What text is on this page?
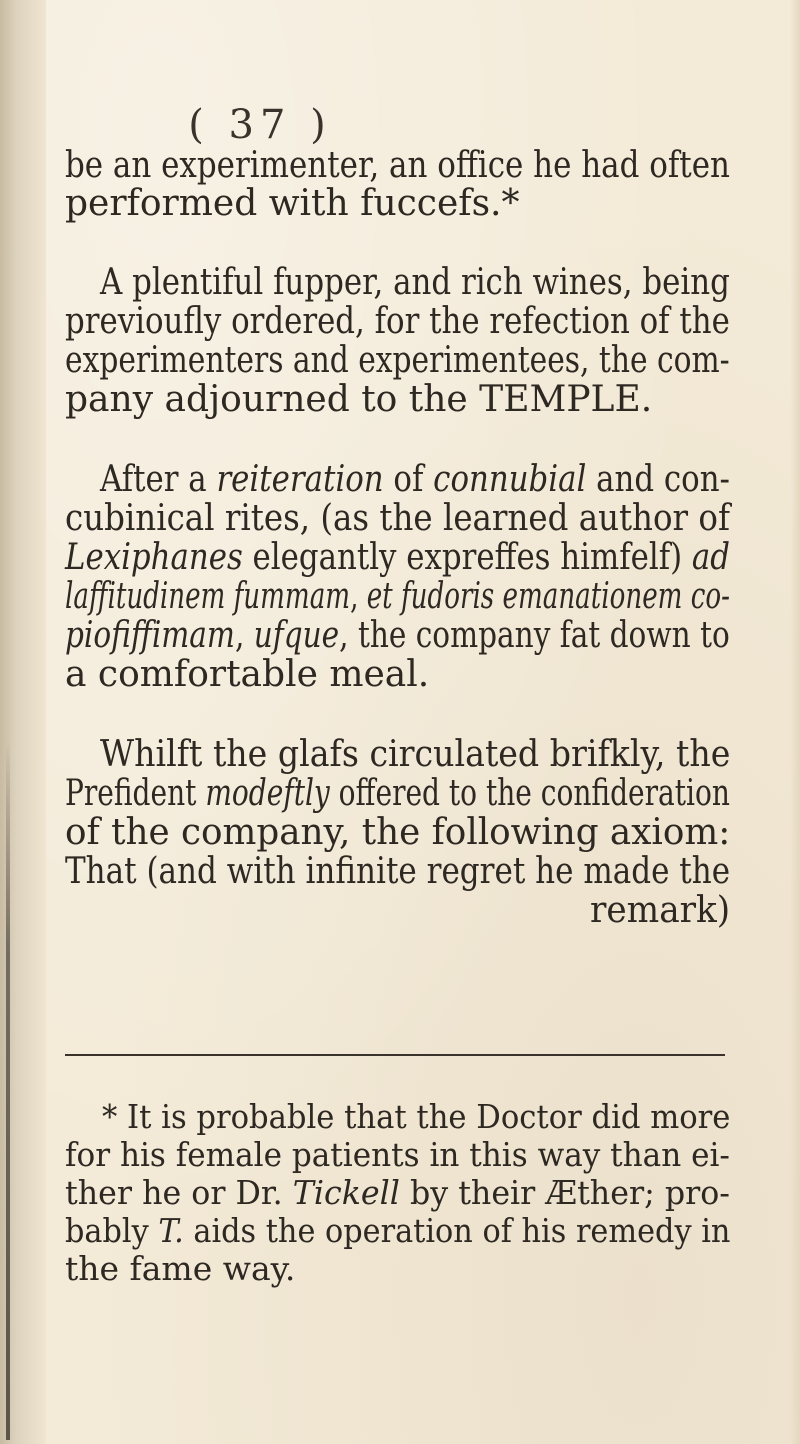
( 37 )
be an experimenter, an office he had often
performed with fuccefs.*
A plentiful fupper, and rich wines, being
previoufly ordered, for the refection of the
experimenters and experimentees, the com-
pany adjourned to the TEMPLE.
After a reiteration of connubial and con-
cubinical rites, (as the learned author of
Lexiphanes elegantly expreffes himfelf) ad
laffitudinem fummam, et fudoris emanationem co-
piofiffimam, ufque, the company fat down to
a comfortable meal.
Whilft the glafs circulated brifkly, the
Prefident modeftly offered to the confideration
of the company, the following axiom:
That (and with infinite regret he made the
remark)
* It is probable that the Doctor did more
for his female patients in this way than ei-
ther he or Dr. Tickell by their Æther; pro-
bably T. aids the operation of his remedy in
the fame way.
